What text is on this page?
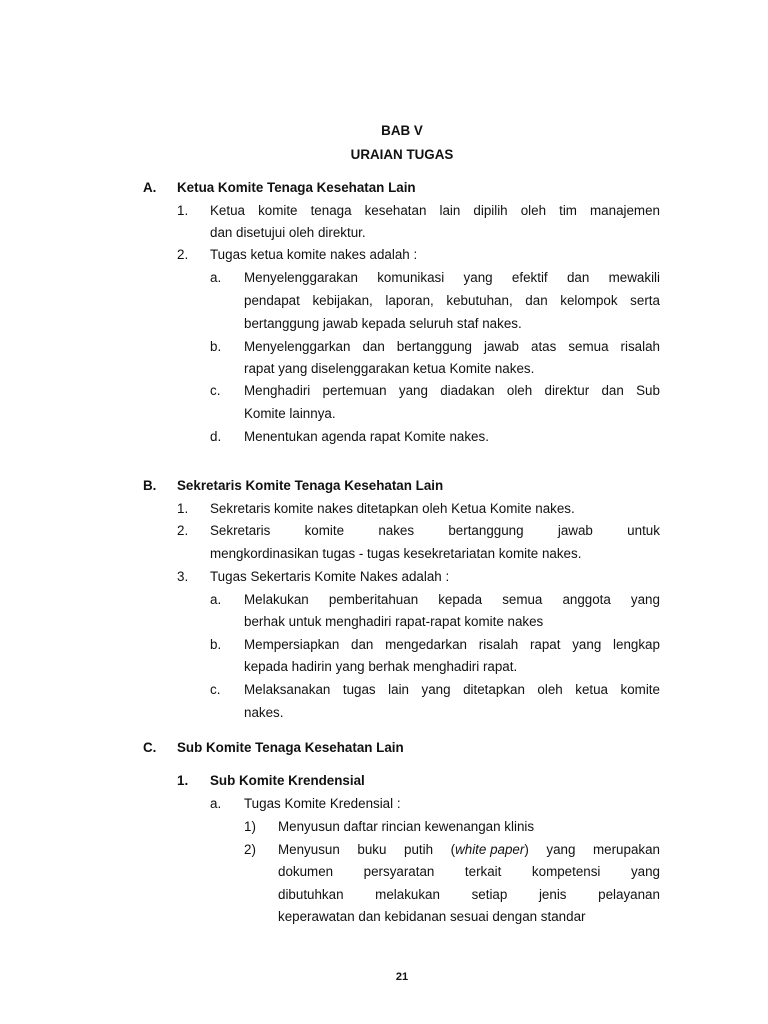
BAB V
URAIAN TUGAS
A. Ketua Komite Tenaga Kesehatan Lain
1. Ketua komite tenaga kesehatan lain dipilih oleh tim manajemen
dan disetujui oleh direktur.
2. Tugas ketua komite nakes adalah :
a. Menyelenggarakan komunikasi yang efektif dan mewakili
pendapat kebijakan, laporan, kebutuhan, dan kelompok serta
bertanggung jawab kepada seluruh staf nakes.
b. Menyelenggarkan dan bertanggung jawab atas semua risalah
rapat yang diselenggarakan ketua Komite nakes.
c. Menghadiri pertemuan yang diadakan oleh direktur dan Sub
Komite lainnya.
d. Menentukan agenda rapat Komite nakes.
B. Sekretaris Komite Tenaga Kesehatan Lain
1. Sekretaris komite nakes ditetapkan oleh Ketua Komite nakes.
2. Sekretaris	komite	nakes	bertanggung	jawab	untuk
mengkordinasikan tugas - tugas kesekretariatan komite nakes.
3. Tugas Sekertaris Komite Nakes adalah :
a. Melakukan pemberitahuan kepada semua anggota yang
berhak untuk menghadiri rapat-rapat komite nakes
b. Mempersiapkan dan mengedarkan risalah rapat yang lengkap
kepada hadirin yang berhak menghadiri rapat.
c. Melaksanakan tugas lain yang ditetapkan oleh ketua komite
nakes.
C. Sub Komite Tenaga Kesehatan Lain
1. Sub Komite Krendensial
a. Tugas Komite Kredensial :
1) Menyusun daftar rincian kewenangan klinis
2) Menyusun buku putih (white paper) yang merupakan
dokumen persyaratan terkait kompetensi yang
dibutuhkan melakukan setiap jenis pelayanan
keperawatan dan kebidanan sesuai dengan standar
21
